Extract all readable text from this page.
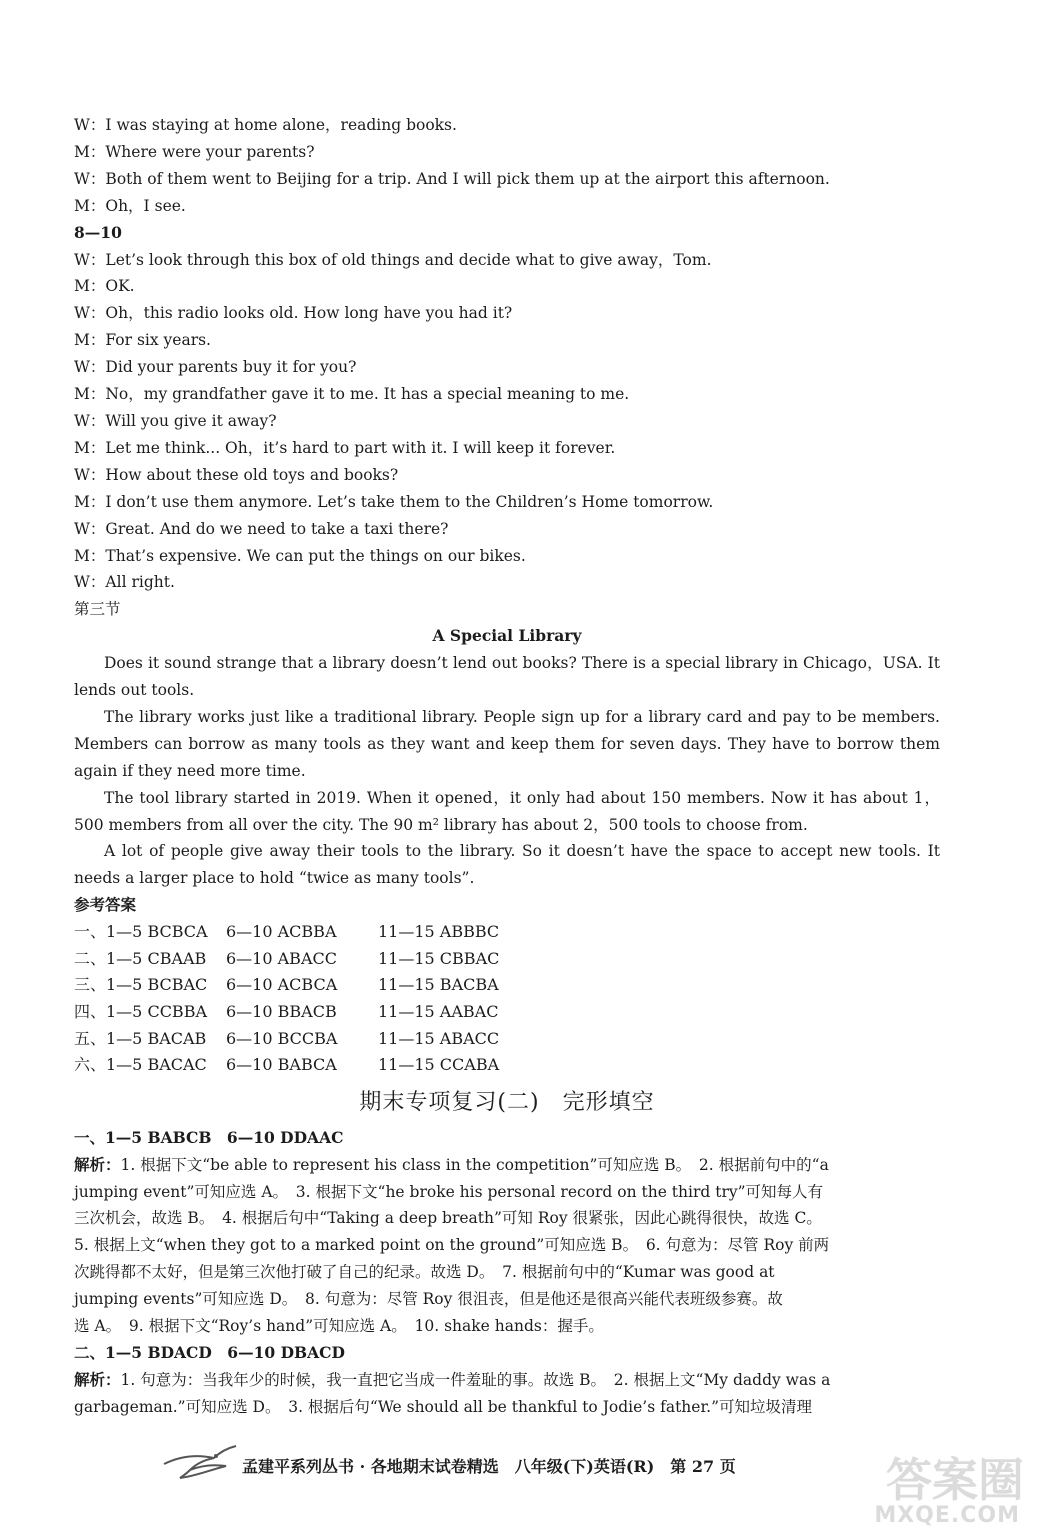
W：I was staying at home alone，reading books.
M：Where were your parents?
W：Both of them went to Beijing for a trip. And I will pick them up at the airport this afternoon.
M：Oh，I see.
8—10
W：Let’s look through this box of old things and decide what to give away，Tom.
M：OK.
W：Oh，this radio looks old. How long have you had it?
M：For six years.
W：Did your parents buy it for you?
M：No，my grandfather gave it to me. It has a special meaning to me.
W：Will you give it away?
M：Let me think... Oh，it’s hard to part with it. I will keep it forever.
W：How about these old toys and books?
M：I don’t use them anymore. Let’s take them to the Children’s Home tomorrow.
W：Great. And do we need to take a taxi there?
M：That’s expensive. We can put the things on our bikes.
W：All right.
第三节
A Special Library
Does it sound strange that a library doesn’t lend out books? There is a special library in Chicago，USA. It lends out tools.
The library works just like a traditional library. People sign up for a library card and pay to be members. Members can borrow as many tools as they want and keep them for seven days. They have to borrow them again if they need more time.
The tool library started in 2019. When it opened，it only had about 150 members. Now it has about 1，500 members from all over the city. The 90 m² library has about 2，500 tools to choose from.
A lot of people give away their tools to the library. So it doesn’t have the space to accept new tools. It needs a larger place to hold “twice as many tools”.
参考答案
一、1—5 BCBCA 6—10 ACBBA	11—15 ABBBC
二、1—5 CBAAB 6—10 ABACC	11—15 CBBAC
三、1—5 BCBAC 6—10 ACBCA	11—15 BACBA
四、1—5 CCBBA 6—10 BBACB	11—15 AABAC
五、1—5 BACAB 6—10 BCCBA	11—15 ABACC
六、1—5 BACAC 6—10 BABCA	11—15 CCABA
期末专项复习(二)　完形填空
一、1—5 BABCB　6—10 DDAAC
解析：1. 根据下文“be able to represent his class in the competition”可知应选 B。　2. 根据前句中的“a
jumping event”可知应选 A。　3. 根据下文“he broke his personal record on the third try”可知每人有
三次机会，故选 B。　4. 根据后句中“Taking a deep breath”可知 Roy 很紧张，因此心跳得很快，故选 C。
5. 根据上文“when they got to a marked point on the ground”可知应选 B。　6. 句意为：尽管 Roy 前两
次跳得都不太好，但是第三次他打破了自己的纪录。故选 D。　7. 根据前句中的“Kumar was good at
jumping events”可知应选 D。　8. 句意为：尽管 Roy 很沮丧，但是他还是很高兴能代表班级参赛。故
选 A。　9. 根据下文“Roy’s hand”可知应选 A。　10. shake hands：握手。
二、1—5 BDACD　6—10 DBACD
解析：1. 句意为：当我年少的时候，我一直把它当成一件羞耻的事。故选 B。　2. 根据上文“My daddy was a
garbageman.”可知应选 D。　3. 根据后句“We should all be thankful to Jodie’s father.”可知垃圾清理
孟建平系列丛书 · 各地期末试卷精选　八年级(下)英语(R)　第 27 页	答案圈
MXQE.COM
